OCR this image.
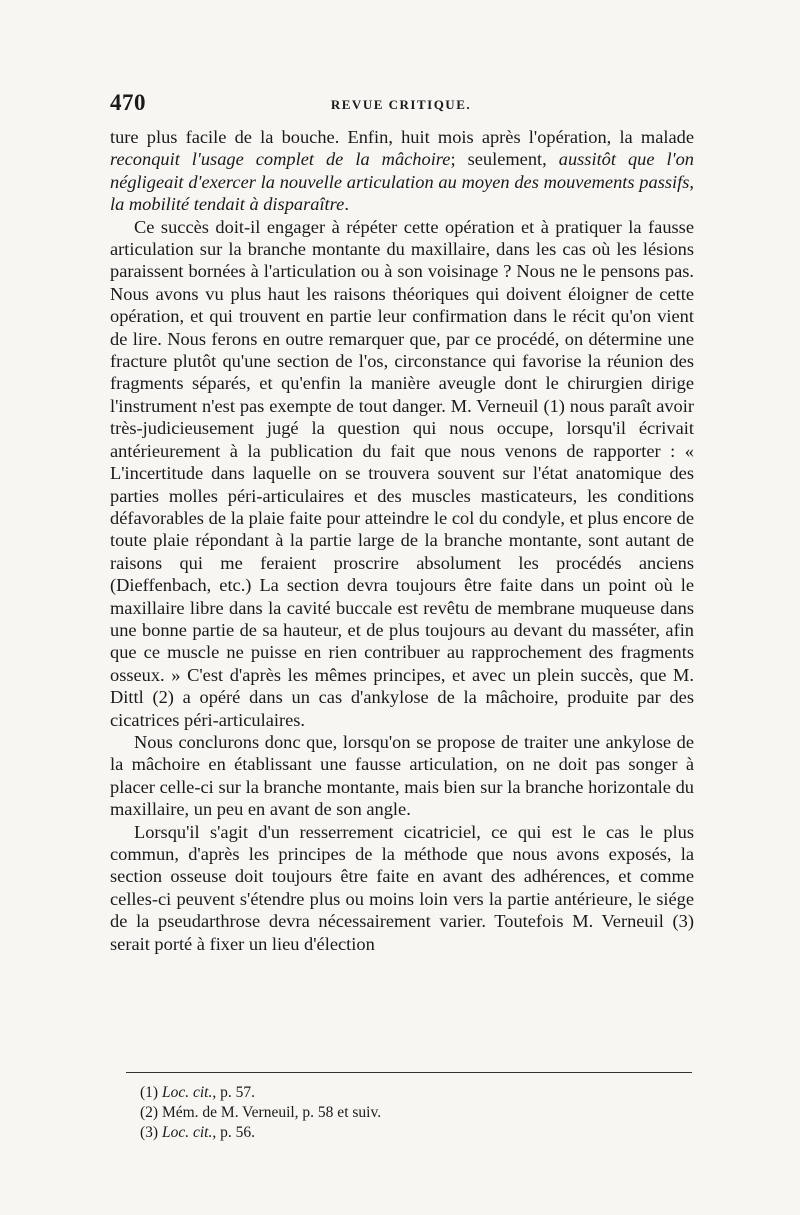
470	REVUE CRITIQUE.

ture plus facile de la bouche. Enfin, huit mois après l'opération, la malade reconquit l'usage complet de la mâchoire; seulement, aussitôt que l'on négligeait d'exercer la nouvelle articulation au moyen des mouvements passifs, la mobilité tendait à disparaître.

Ce succès doit-il engager à répéter cette opération et à pratiquer la fausse articulation sur la branche montante du maxillaire, dans les cas où les lésions paraissent bornées à l'articulation ou à son voisinage ? Nous ne le pensons pas. Nous avons vu plus haut les raisons théoriques qui doivent éloigner de cette opération, et qui trouvent en partie leur confirmation dans le récit qu'on vient de lire. Nous ferons en outre remarquer que, par ce procédé, on détermine une fracture plutôt qu'une section de l'os, circonstance qui favorise la réunion des fragments séparés, et qu'enfin la manière aveugle dont le chirurgien dirige l'instrument n'est pas exempte de tout danger. M. Verneuil (1) nous paraît avoir très-judicieusement jugé la question qui nous occupe, lorsqu'il écrivait antérieurement à la publication du fait que nous venons de rapporter : « L'incertitude dans laquelle on se trouvera souvent sur l'état anatomique des parties molles péri-articulaires et des muscles masticateurs, les conditions défavorables de la plaie faite pour atteindre le col du condyle, et plus encore de toute plaie répondant à la partie large de la branche montante, sont autant de raisons qui me feraient proscrire absolument les procédés anciens (Dieffenbach, etc.) La section devra toujours être faite dans un point où le maxillaire libre dans la cavité buccale est revêtu de membrane muqueuse dans une bonne partie de sa hauteur, et de plus toujours au devant du masséter, afin que ce muscle ne puisse en rien contribuer au rapprochement des fragments osseux. » C'est d'après les mêmes principes, et avec un plein succès, que M. Dittl (2) a opéré dans un cas d'ankylose de la mâchoire, produite par des cicatrices péri-articulaires.

Nous conclurons donc que, lorsqu'on se propose de traiter une ankylose de la mâchoire en établissant une fausse articulation, on ne doit pas songer à placer celle-ci sur la branche montante, mais bien sur la branche horizontale du maxillaire, un peu en avant de son angle.

Lorsqu'il s'agit d'un resserrement cicatriciel, ce qui est le cas le plus commun, d'après les principes de la méthode que nous avons exposés, la section osseuse doit toujours être faite en avant des adhérences, et comme celles-ci peuvent s'étendre plus ou moins loin vers la partie antérieure, le siége de la pseudarthrose devra nécessairement varier. Toutefois M. Verneuil (3) serait porté à fixer un lieu d'élection

(1) Loc. cit., p. 57.

(2) Mém. de M. Verneuil, p. 58 et suiv.

(3) Loc. cit., p. 56.
